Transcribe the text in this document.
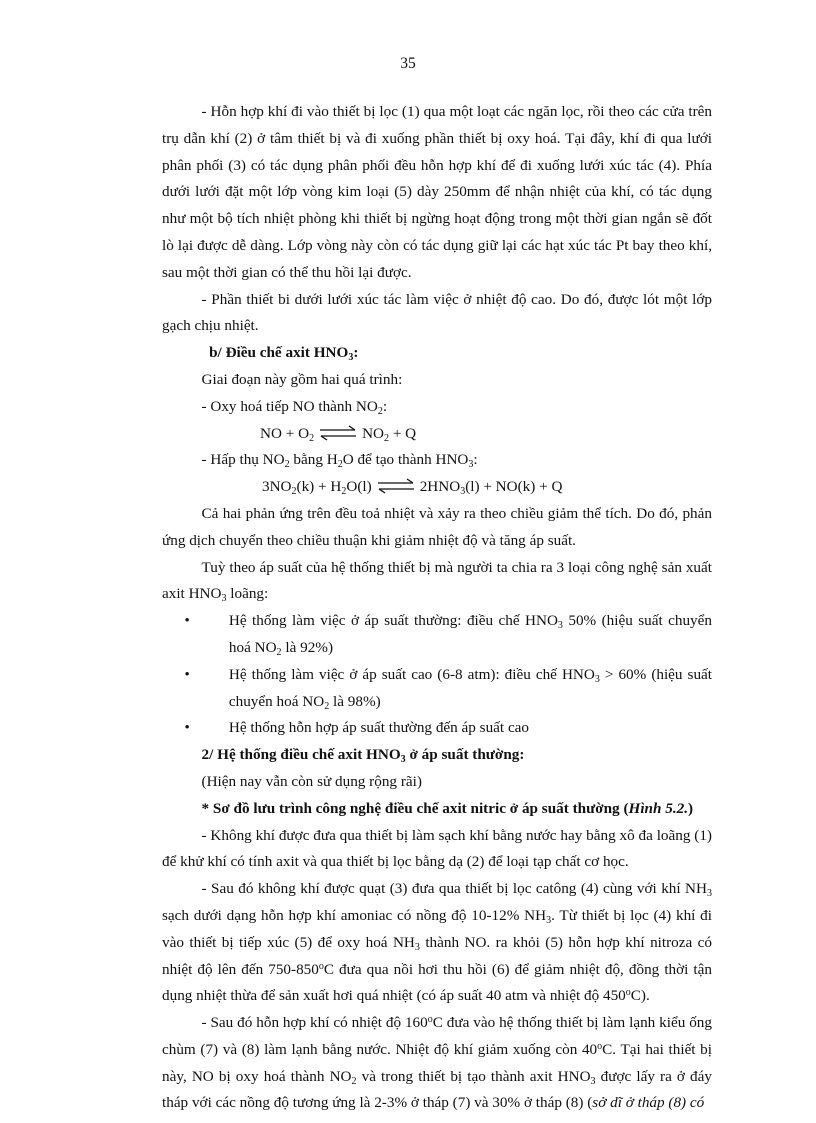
35

- Hỗn hợp khí đi vào thiết bị lọc (1) qua một loạt các ngăn lọc, rồi theo các cửa trên trụ dẫn khí (2) ở tâm thiết bị và đi xuống phần thiết bị oxy hoá. Tại đây, khí đi qua lưới phân phối (3) có tác dụng phân phối đều hỗn hợp khí để đi xuống lưới xúc tác (4). Phía dưới lưới đặt một lớp vòng kim loại (5) dày 250mm để nhận nhiệt của khí, có tác dụng như một bộ tích nhiệt phòng khi thiết bị ngừng hoạt động trong một thời gian ngắn sẽ đốt lò lại được dễ dàng. Lớp vòng này còn có tác dụng giữ lại các hạt xúc tác Pt bay theo khí, sau một thời gian có thể thu hồi lại được.

- Phần thiết bi dưới lưới xúc tác làm việc ở nhiệt độ cao. Do đó, được lót một lớp gạch chịu nhiệt.

b/ Điều chế axit $HNO_3$:

Giai đoạn này gồm hai quá trình:

- Oxy hoá tiếp NO thành $NO_2$:

NO + $O_2$ ⇌ $NO_2 + Q$

- Hấp thụ $NO_2$ bằng $H_2O$ để tạo thành $HNO_3$:

$3NO_2(k) + H_2O(l)$ ⇌ $2HNO_3(l) + NO(k) + Q$

Cả hai phản ứng trên đều toả nhiệt và xảy ra theo chiều giảm thể tích. Do đó, phản ứng dịch chuyển theo chiều thuận khi giảm nhiệt độ và tăng áp suất.

Tuỳ theo áp suất của hệ thống thiết bị mà người ta chia ra 3 loại công nghệ sản xuất axit $HNO_3$ loãng:

• Hệ thống làm việc ở áp suất thường: điều chế $HNO_3$ 50% (hiệu suất chuyển hoá $NO_2$ là 92%)
• Hệ thống làm việc ở áp suất cao (6-8 atm): điều chế $HNO_3 > 60\%$ (hiệu suất chuyển hoá $NO_2$ là 98%)
• Hệ thống hỗn hợp áp suất thường đến áp suất cao

2/ Hệ thống điều chế axit $HNO_3$ ở áp suất thường:

(Hiện nay vẫn còn sử dụng rộng rãi)

* Sơ đồ lưu trình công nghệ điều chế axit nitric ở áp suất thường (Hình 5.2.)

- Không khí được đưa qua thiết bị làm sạch khí bằng nước hay bằng xô đa loãng (1) để khử khí có tính axit và qua thiết bị lọc bằng dạ (2) để loại tạp chất cơ học.

- Sau đó không khí được quạt (3) đưa qua thiết bị lọc catông (4) cùng với khí $NH_3$ sạch dưới dạng hỗn hợp khí amoniac có nồng độ 10-12% $NH_3$. Từ thiết bị lọc (4) khí đi vào thiết bị tiếp xúc (5) để oxy hoá $NH_3$ thành NO. ra khỏi (5) hỗn hợp khí nitroza có nhiệt độ lên đến 750-850$^o$C đưa qua nồi hơi thu hồi (6) để giảm nhiệt độ, đồng thời tận dụng nhiệt thừa để sản xuất hơi quá nhiệt (có áp suất 40 atm và nhiệt độ 450$^o$C).

- Sau đó hỗn hợp khí có nhiệt độ 160$^o$C đưa vào hệ thống thiết bị làm lạnh kiểu ống chùm (7) và (8) làm lạnh bằng nước. Nhiệt độ khí giảm xuống còn 40$^o$C. Tại hai thiết bị này, NO bị oxy hoá thành $NO_2$ và trong thiết bị tạo thành axit $HNO_3$ được lấy ra ở đáy tháp với các nồng độ tương ứng là 2-3% ở tháp (7) và 30% ở tháp (8) (sở dĩ ở tháp (8) có
